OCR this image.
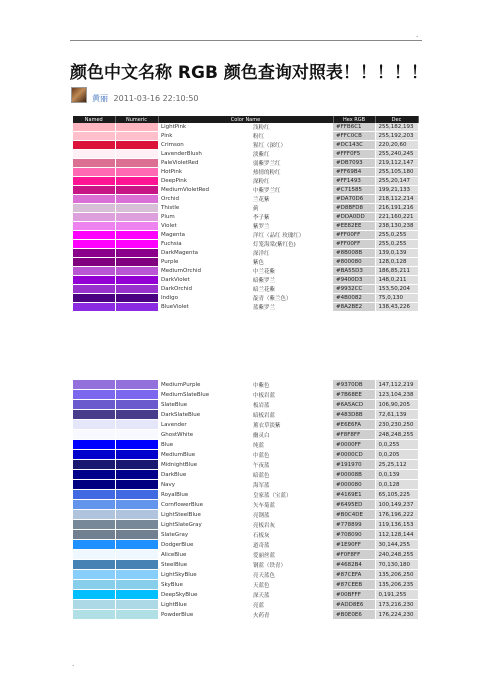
.
颜色中文名称 RGB 颜色查询对照表！！！！！
黄丽 2011-03-16 22:10:50
Named	Numeric	Color Name		Hex RGB	Dec
		LightPink	浅粉红	#FFB6C1	255,182,193
		Pink	粉红	#FFC0CB	255,192,203
		Crimson	猩红（深红）	#DC143C	220,20,60
		LavenderBlush	淡紫红	#FFF0F5	255,240,245
		PaleVioletRed	弱紫罗兰红	#DB7093	219,112,147
		HotPink	热情的粉红	#FF69B4	255,105,180
		DeepPink	深粉红	#FF1493	255,20,147
		MediumVioletRed	中紫罗兰红	#C71585	199,21,133
		Orchid	兰花紫	#DA70D6	218,112,214
		Thistle	蓟	#D8BFD8	216,191,216
		Plum	李子紫	#DDA0DD	221,160,221
		Violet	紫罗兰	#EE82EE	238,130,238
		Magenta	洋红（品红 玫瑰红）	#FF00FF	255,0,255
		Fuchsia	灯笼海棠(紫红色)	#FF00FF	255,0,255
		DarkMagenta	深洋红	#8B008B	139,0,139
		Purple	紫色	#800080	128,0,128
		MediumOrchid	中兰花紫	#BA55D3	186,85,211
		DarkViolet	暗紫罗兰	#9400D3	148,0,211
		DarkOrchid	暗兰花紫	#9932CC	153,50,204
		Indigo	靛青（紫兰色）	#4B0082	75,0,130
		BlueViolet	蓝紫罗兰	#8A2BE2	138,43,226
		MediumPurple	中紫色	#9370DB	147,112,219
		MediumSlateBlue	中板岩蓝	#7B68EE	123,104,238
		SlateBlue	板岩蓝	#6A5ACD	106,90,205
		DarkSlateBlue	暗板岩蓝	#483D8B	72,61,139
		Lavender	薰衣草淡紫	#E6E6FA	230,230,250
		GhostWhite	幽灵白	#F8F8FF	248,248,255
		Blue	纯蓝	#0000FF	0,0,255
		MediumBlue	中蓝色	#0000CD	0,0,205
		MidnightBlue	午夜蓝	#191970	25,25,112
		DarkBlue	暗蓝色	#00008B	0,0,139
		Navy	海军蓝	#000080	0,0,128
		RoyalBlue	皇家蓝（宝蓝）	#4169E1	65,105,225
		CornflowerBlue	矢车菊蓝	#6495ED	100,149,237
		LightSteelBlue	亮钢蓝	#B0C4DE	176,196,222
		LightSlateGray	亮板岩灰	#778899	119,136,153
		SlateGray	石板灰	#708090	112,128,144
		DodgerBlue	道奇蓝	#1E90FF	30,144,255
		AliceBlue	爱丽丝蓝	#F0F8FF	240,248,255
		SteelBlue	钢蓝（铁青）	#4682B4	70,130,180
		LightSkyBlue	亮天蓝色	#87CEFA	135,206,250
		SkyBlue	天蓝色	#87CEEB	135,206,235
		DeepSkyBlue	深天蓝	#00BFFF	0,191,255
		LightBlue	亮蓝	#ADD8E6	173,216,230
		PowderBlue	火药青	#B0E0E6	176,224,230
.
